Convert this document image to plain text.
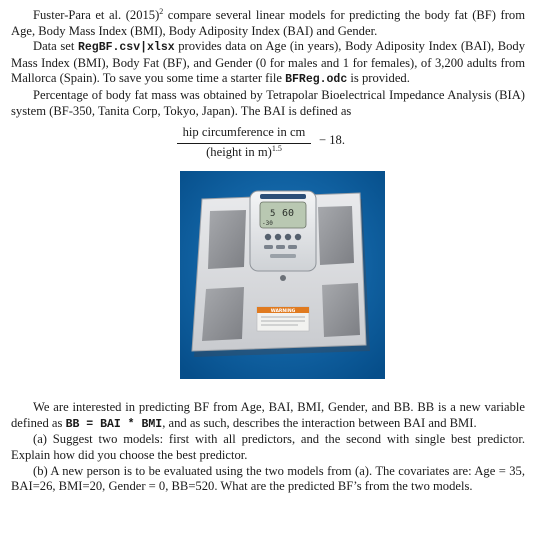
Fuster-Para et al. $(2015)^2$ compare several linear models for predicting the body fat (BF) from Age, Body Mass Index (BMI), Body Adiposity Index (BAI) and Gender.

Data set RegBF.csv|xlsx provides data on Age (in years), Body Adiposity Index (BAI), Body Mass Index (BMI), Body Fat (BF), and Gender (0 for males and 1 for females), of 3,200 adults from Mallorca (Spain). To save you some time a starter file BFReg.odc is provided.

Percentage of body fat mass was obtained by Tetrapolar Bioelectrical Impedance Analysis (BIA) system (BF-350, Tanita Corp, Tokyo, Japan). The BAI is defined as

hip circumference in cm
(height in m)$^{1.5}$
− 18.
5 60
-30
WARNING

We are interested in predicting BF from Age, BAI, BMI, Gender, and BB. BB is a new variable defined as BB = BAI * BMI, and as such, describes the interaction between BAI and BMI.

(a) Suggest two models: first with all predictors, and the second with single best predictor. Explain how did you choose the best predictor.

(b) A new person is to be evaluated using the two models from (a). The covariates are: Age = 35, BAI=26, BMI=20, Gender = 0, BB=520. What are the predicted BF’s from the two models.
